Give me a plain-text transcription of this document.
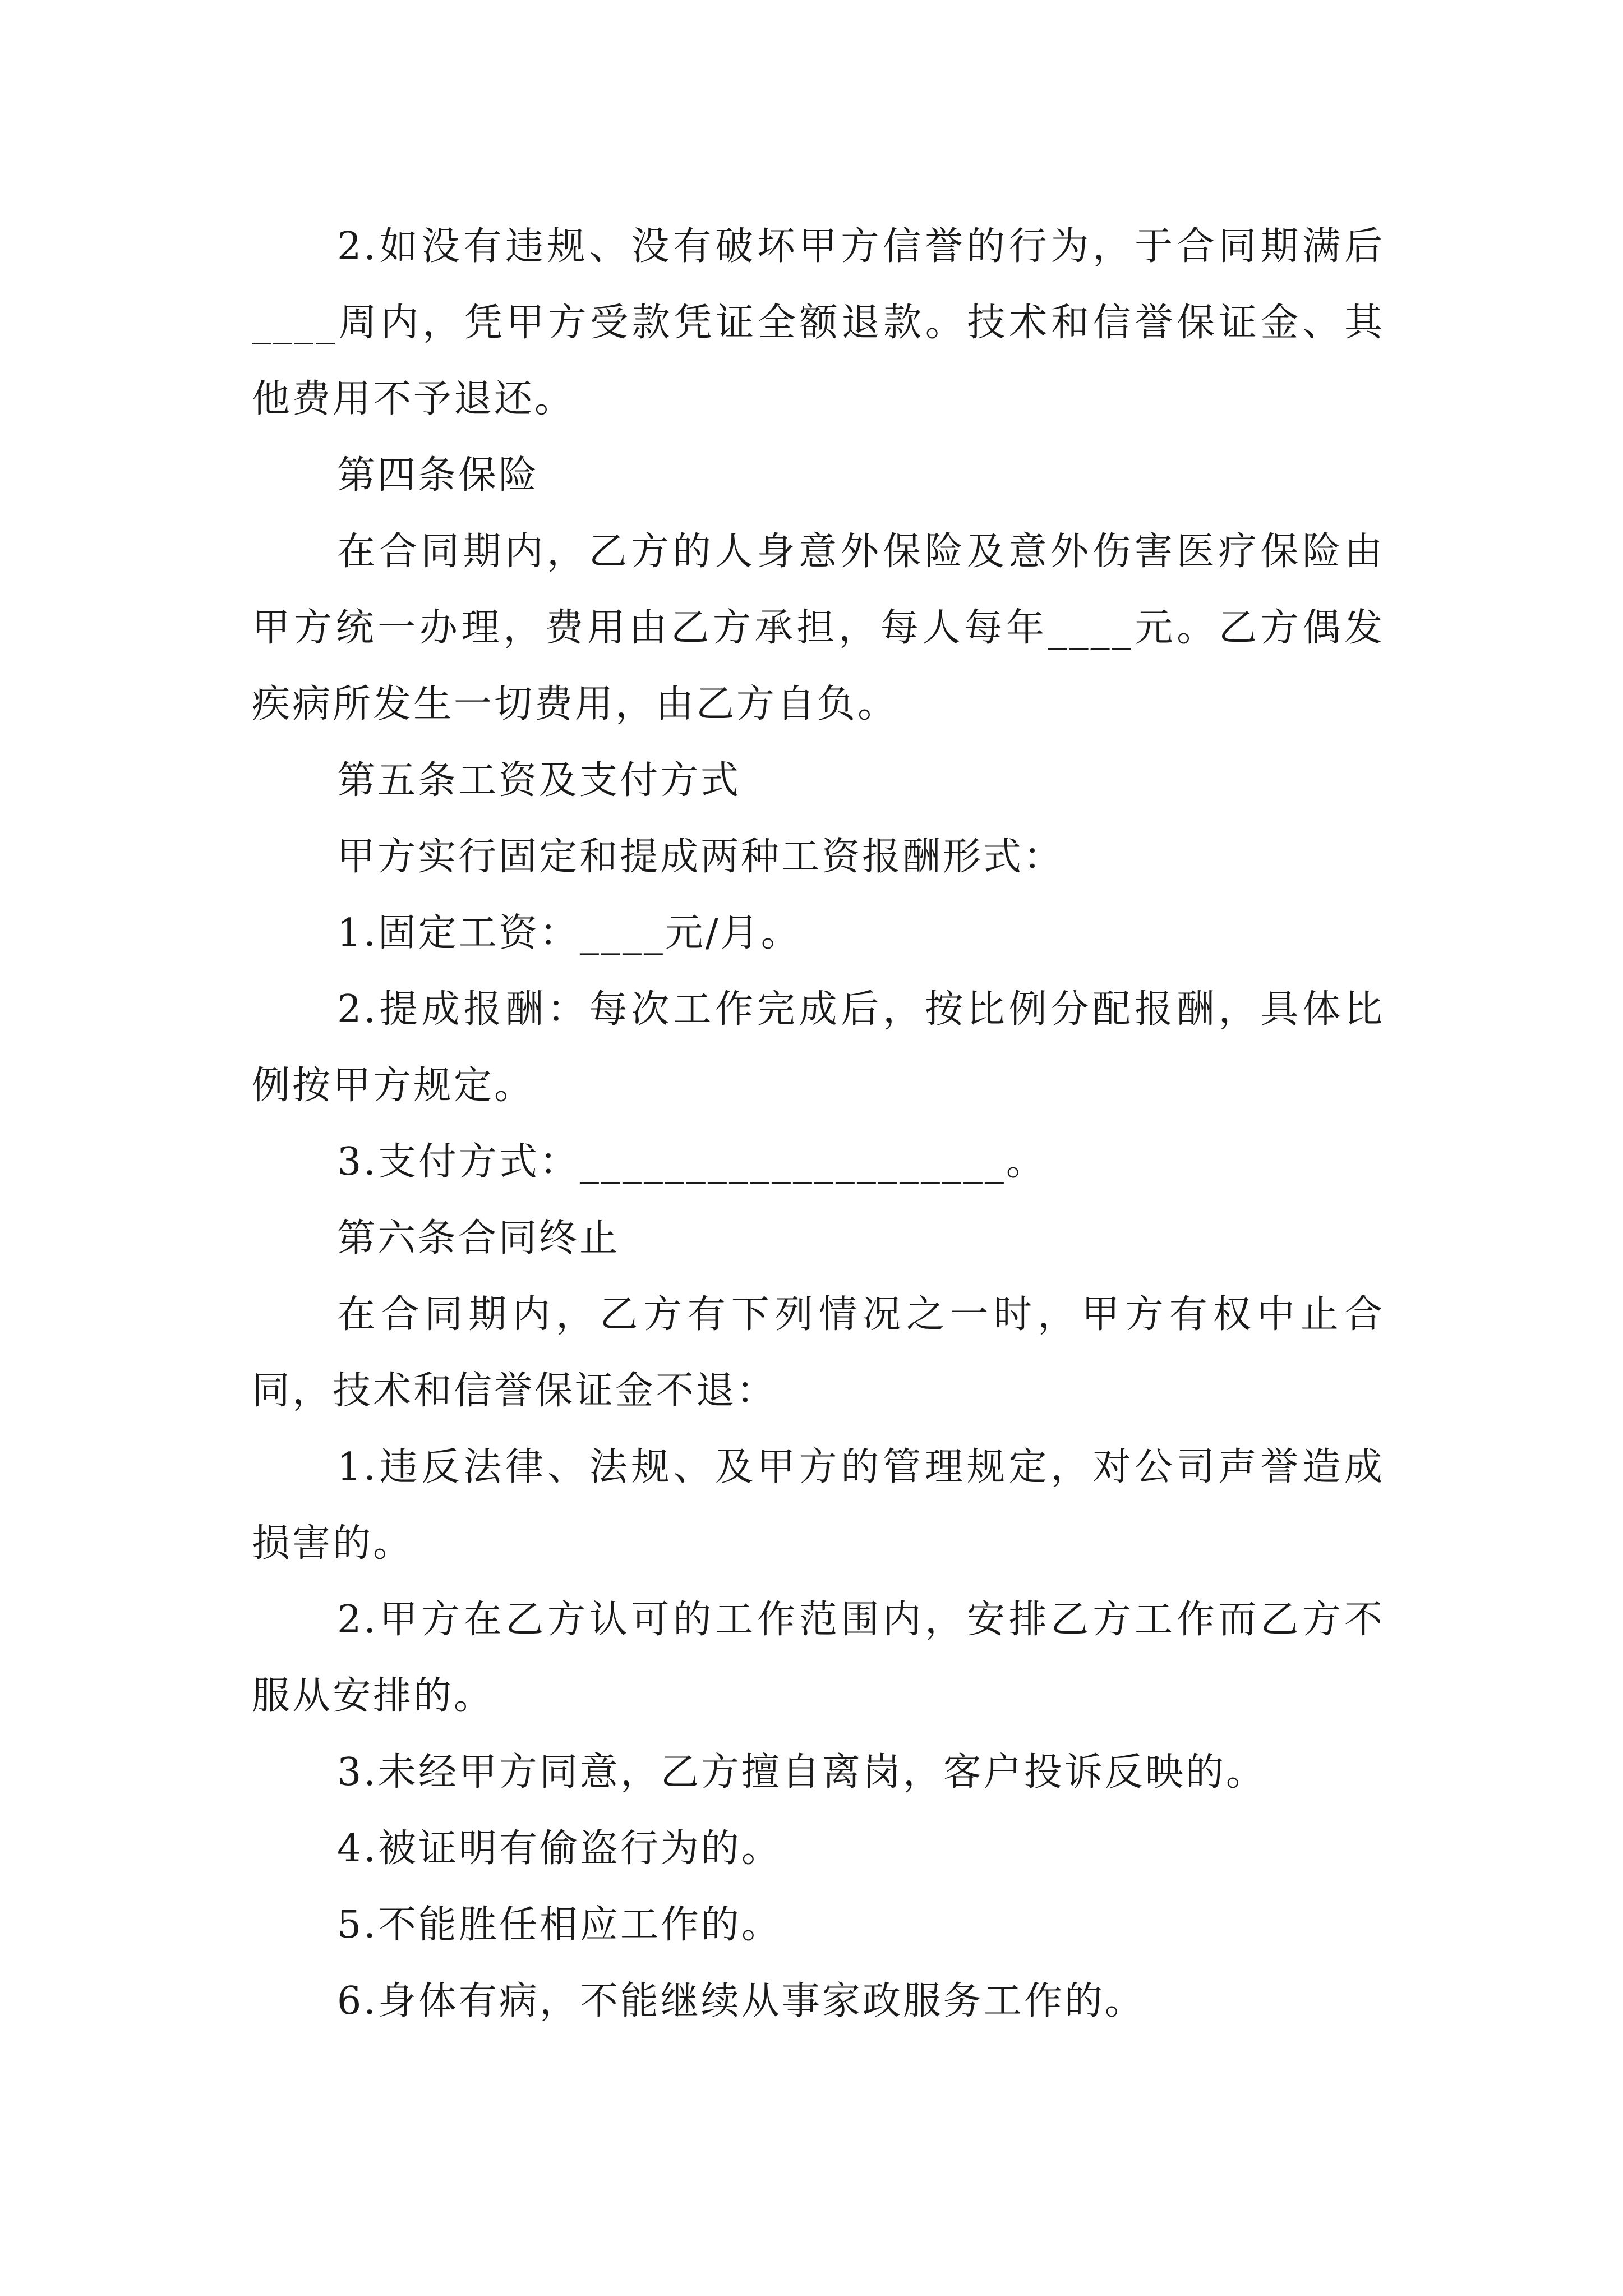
2.如没有违规、没有破坏甲方信誉的行为，于合同期满后____周内，凭甲方受款凭证全额退款。技术和信誉保证金、其他费用不予退还。

第四条保险

在合同期内，乙方的人身意外保险及意外伤害医疗保险由甲方统一办理，费用由乙方承担，每人每年____元。乙方偶发疾病所发生一切费用，由乙方自负。

第五条工资及支付方式

甲方实行固定和提成两种工资报酬形式：

1.固定工资：____元/月。

2.提成报酬：每次工作完成后，按比例分配报酬，具体比例按甲方规定。

3.支付方式：____________________。

第六条合同终止

在合同期内，乙方有下列情况之一时，甲方有权中止合同，技术和信誉保证金不退：

1.违反法律、法规、及甲方的管理规定，对公司声誉造成损害的。

2.甲方在乙方认可的工作范围内，安排乙方工作而乙方不服从安排的。

3.未经甲方同意，乙方擅自离岗，客户投诉反映的。

4.被证明有偷盗行为的。

5.不能胜任相应工作的。

6.身体有病，不能继续从事家政服务工作的。
